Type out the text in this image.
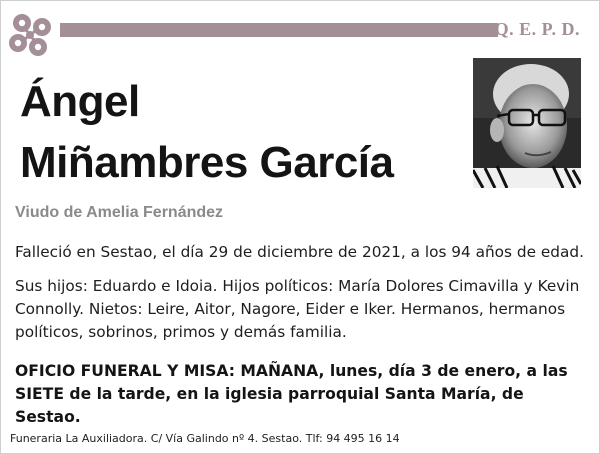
Q. E. P. D.
Ángel
Miñambres García
Viudo de Amelia Fernández
Falleció en Sestao, el día 29 de diciembre de 2021, a los 94 años de edad.
Sus hijos: Eduardo e Idoia. Hijos políticos: María Dolores Cimavilla y Kevin Connolly. Nietos: Leire, Aitor, Nagore, Eider e Iker. Hermanos, hermanos políticos, sobrinos, primos y demás familia.
OFICIO FUNERAL Y MISA: MAÑANA, lunes, día 3 de enero, a las SIETE de la tarde, en la iglesia parroquial Santa María, de Sestao.
Funeraria La Auxiliadora. C/ Vía Galindo nº 4. Sestao. Tlf: 94 495 16 14
